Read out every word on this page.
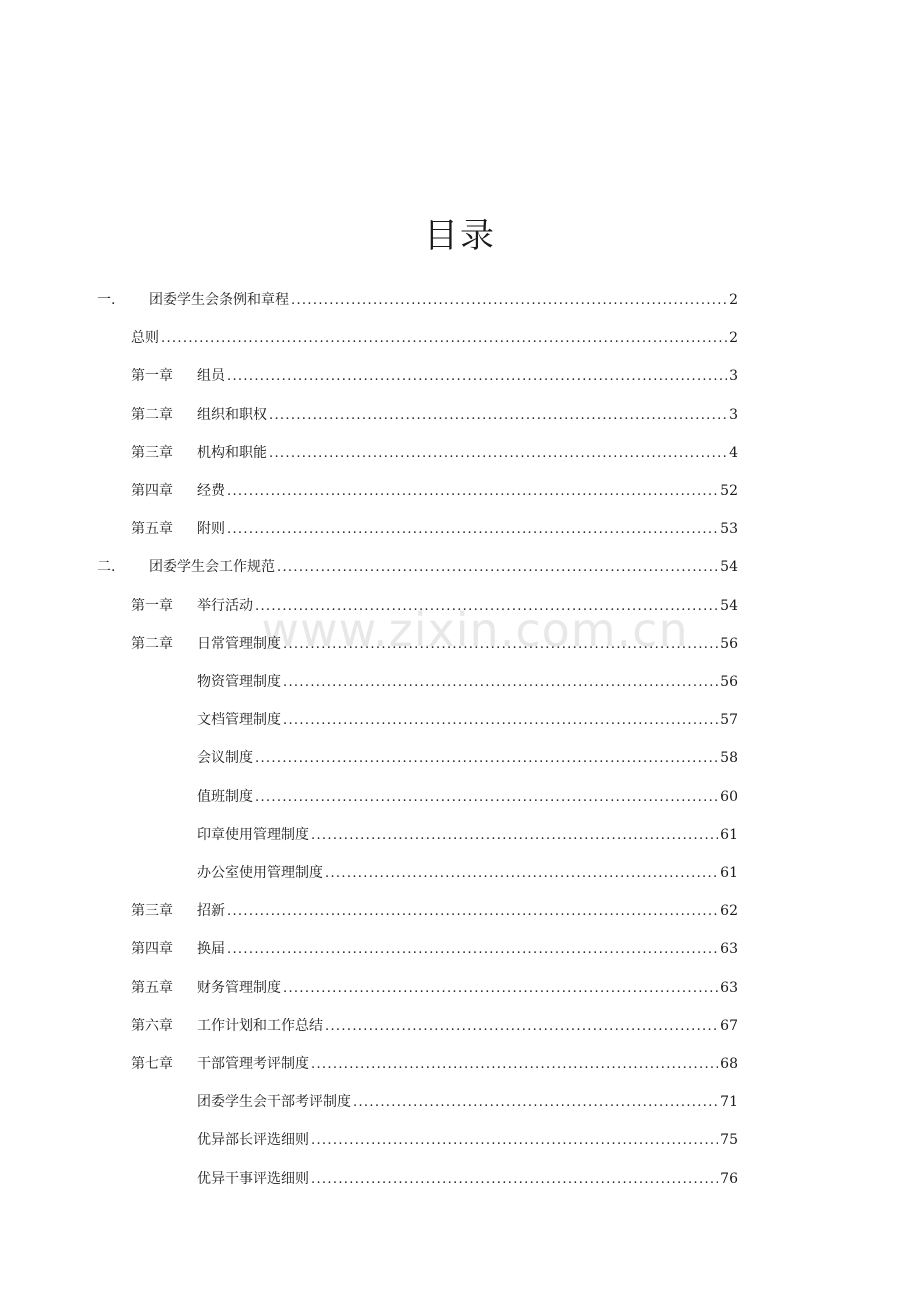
www.zixin.com.cn
目录
一.	团委学生会条例和章程 . . .	2
总则 . . .	2
第一章	组员 . . .	3
第二章	组织和职权 . . .	3
第三章	机构和职能 . . .	4
第四章	经费 . . .	52
第五章	附则 . . .	53
二.	团委学生会工作规范 . . .	54
第一章	举行活动 . . .	54
第二章	日常管理制度 . . .	56
物资管理制度 . . .	56
文档管理制度 . . .	57
会议制度 . . .	58
值班制度 . . .	60
印章使用管理制度 . . .	61
办公室使用管理制度 . . .	61
第三章	招新 . . .	62
第四章	换届 . . .	63
第五章	财务管理制度 . . .	63
第六章	工作计划和工作总结 . . .	67
第七章	干部管理考评制度 . . .	68
团委学生会干部考评制度 . . .	71
优异部长评选细则 . . .	75
优异干事评选细则 . . .	76
